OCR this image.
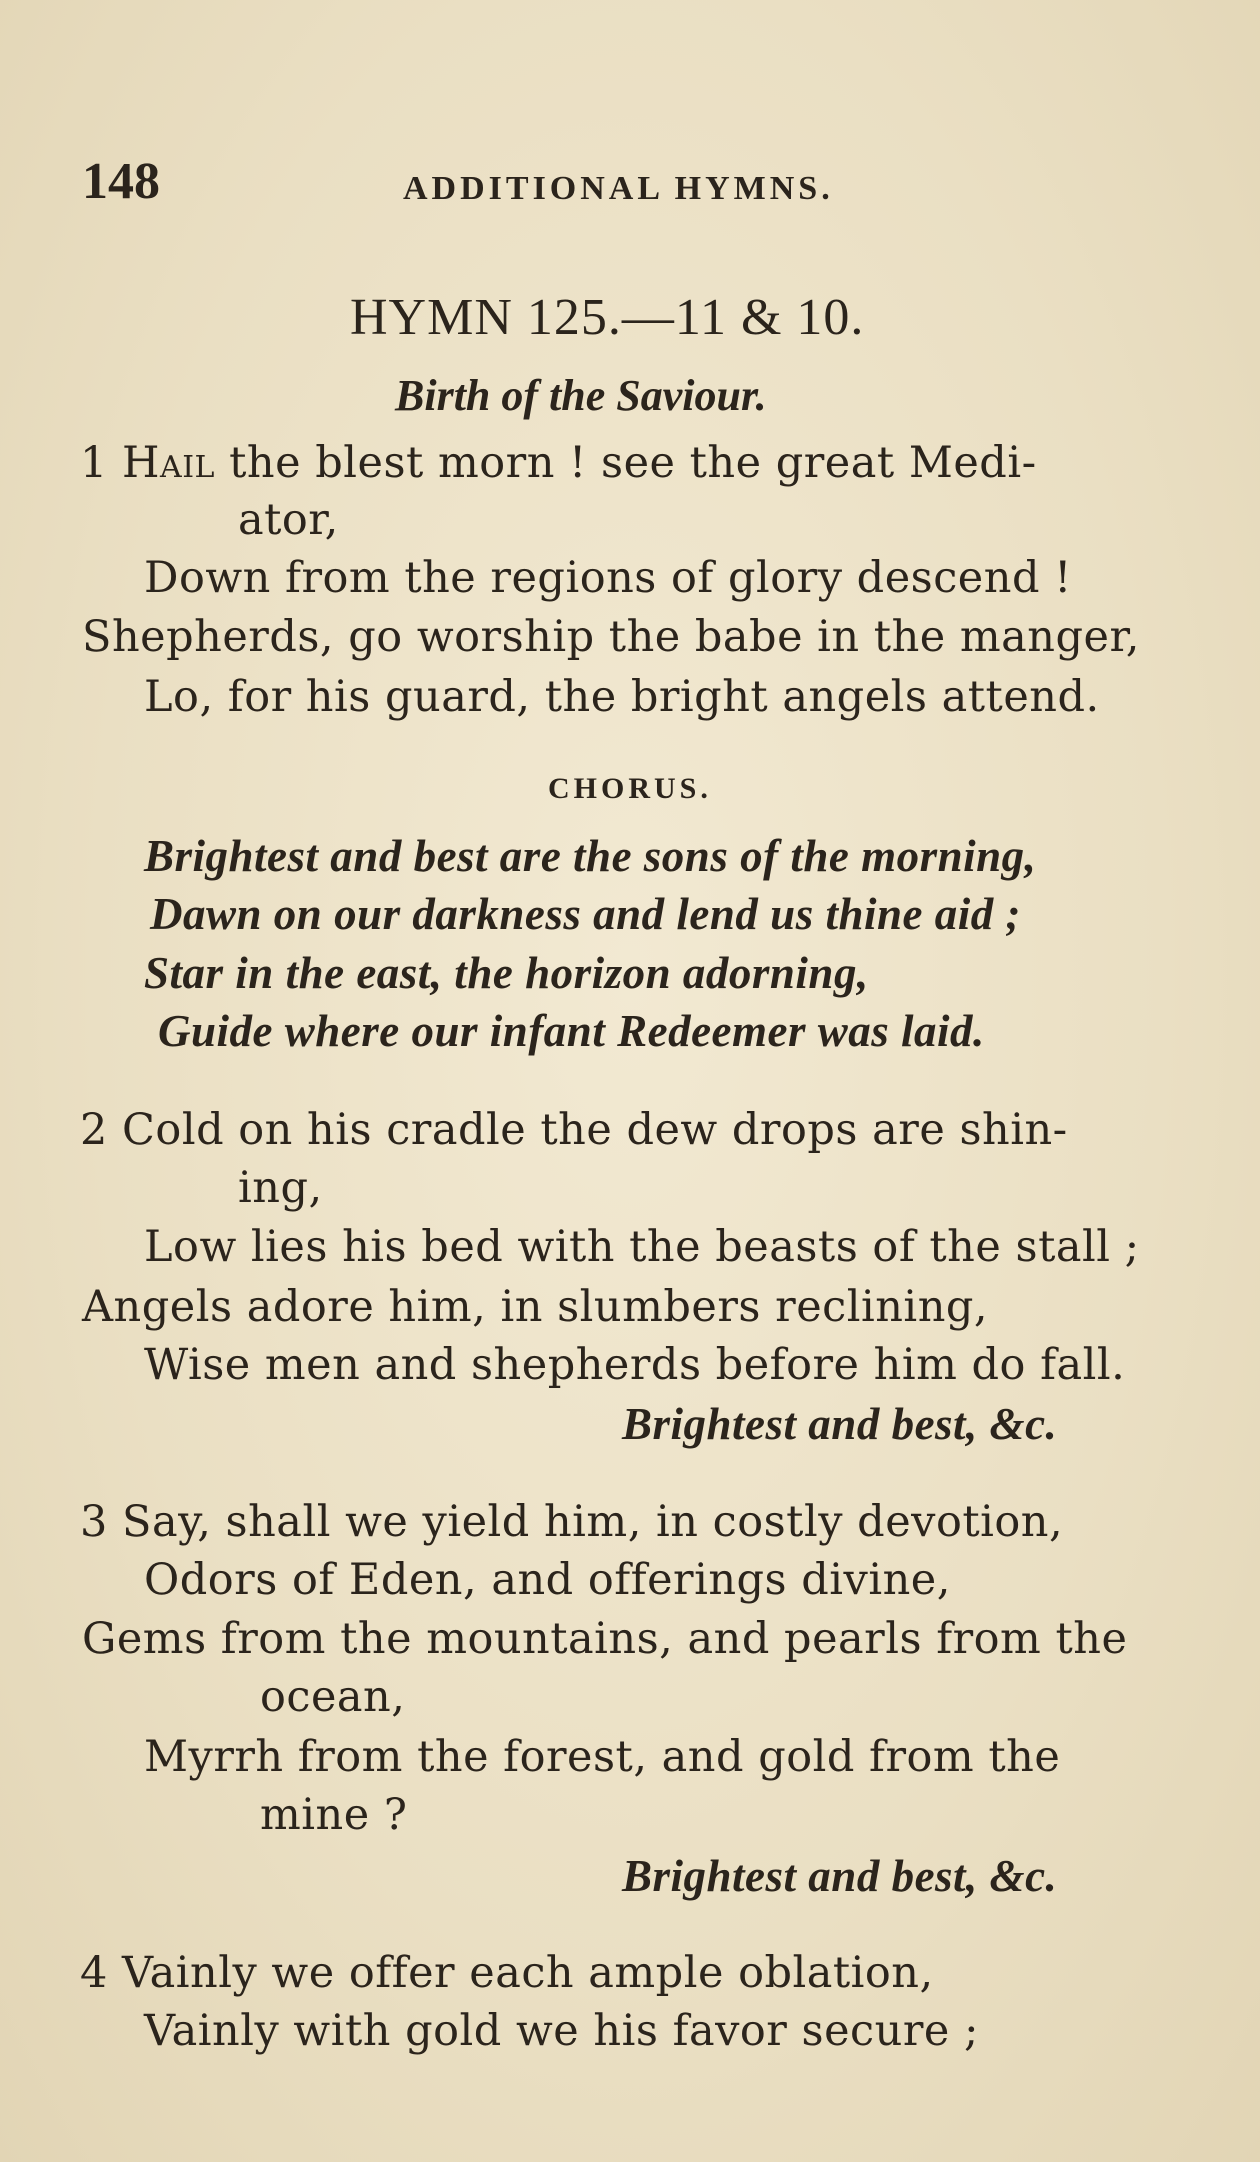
148	ADDITIONAL HYMNS.
HYMN 125.—11 & 10.
Birth of the Saviour.
1 Hail the blest morn ! see the great Medi-
ator,
Down from the regions of glory descend !
Shepherds, go worship the babe in the manger,
Lo, for his guard, the bright angels attend.
CHORUS.
Brightest and best are the sons of the morning,
Dawn on our darkness and lend us thine aid ;
Star in the east, the horizon adorning,
Guide where our infant Redeemer was laid.
2 Cold on his cradle the dew drops are shin-
ing,
Low lies his bed with the beasts of the stall ;
Angels adore him, in slumbers reclining,
Wise men and shepherds before him do fall.
Brightest and best, &c.
3 Say, shall we yield him, in costly devotion,
Odors of Eden, and offerings divine,
Gems from the mountains, and pearls from the
ocean,
Myrrh from the forest, and gold from the
mine ?
Brightest and best, &c.
4 Vainly we offer each ample oblation,
Vainly with gold we his favor secure ;
